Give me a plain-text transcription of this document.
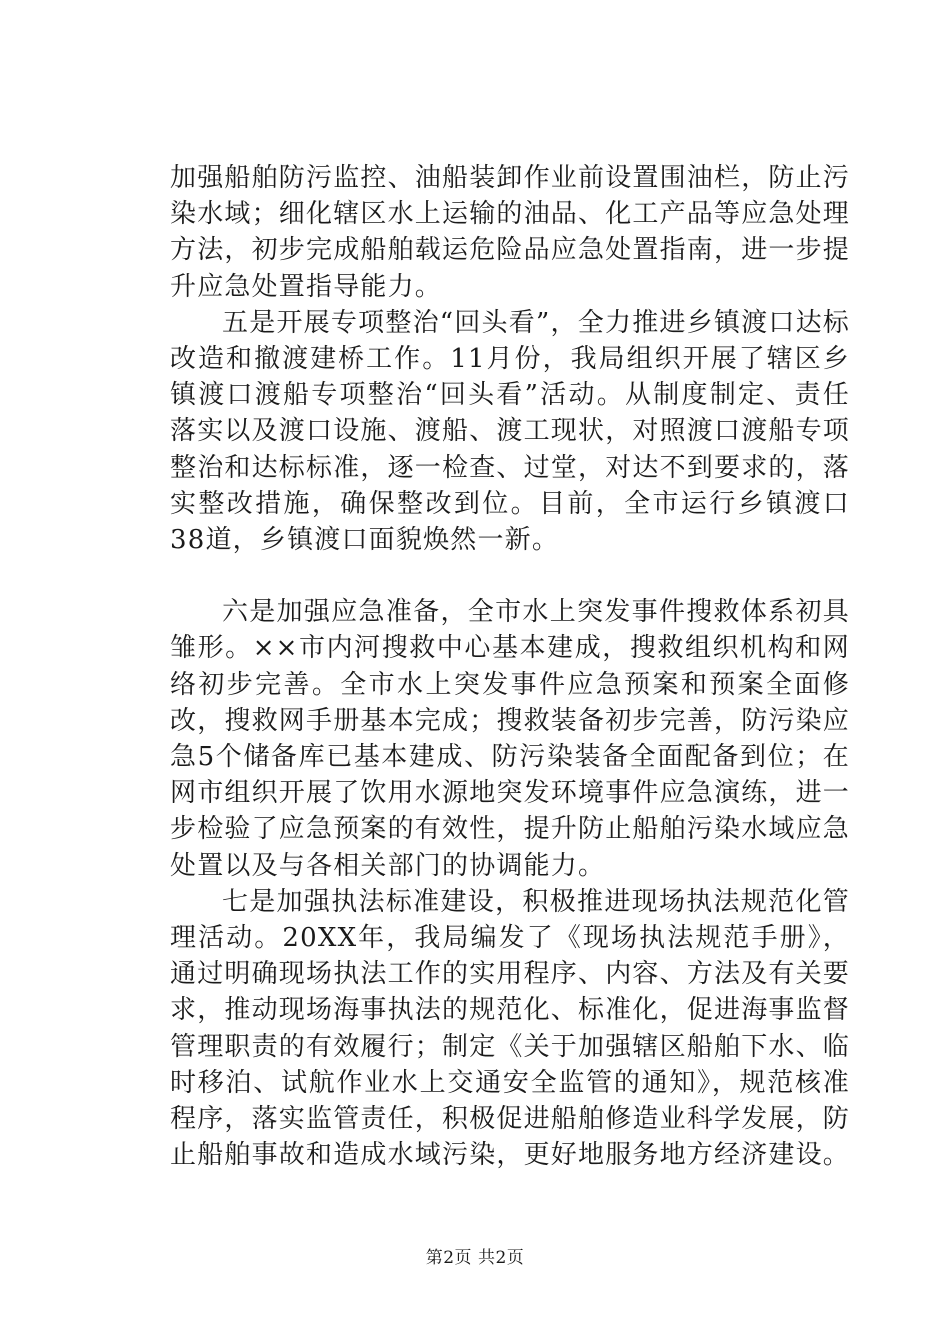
加强船舶防污监控、油船装卸作业前设置围油栏，防止污染水域；细化辖区水上运输的油品、化工产品等应急处理方法，初步完成船舶载运危险品应急处置指南，进一步提升应急处置指导能力。

五是开展专项整治“回头看”，全力推进乡镇渡口达标改造和撤渡建桥工作。11月份，我局组织开展了辖区乡镇渡口渡船专项整治“回头看”活动。从制度制定、责任落实以及渡口设施、渡船、渡工现状，对照渡口渡船专项整治和达标标准，逐一检查、过堂，对达不到要求的，落实整改措施，确保整改到位。目前，全市运行乡镇渡口38道，乡镇渡口面貌焕然一新。

六是加强应急准备，全市水上突发事件搜救体系初具雏形。××市内河搜救中心基本建成，搜救组织机构和网络初步完善。全市水上突发事件应急预案和预案全面修改，搜救网手册基本完成；搜救装备初步完善，防污染应急5个储备库已基本建成、防污染装备全面配备到位；在网市组织开展了饮用水源地突发环境事件应急演练，进一步检验了应急预案的有效性，提升防止船舶污染水域应急处置以及与各相关部门的协调能力。

七是加强执法标准建设，积极推进现场执法规范化管理活动。20XX年，我局编发了《现场执法规范手册》，通过明确现场执法工作的实用程序、内容、方法及有关要求，推动现场海事执法的规范化、标准化，促进海事监督管理职责的有效履行；制定《关于加强辖区船舶下水、临时移泊、试航作业水上交通安全监管的通知》，规范核准程序，落实监管责任，积极促进船舶修造业科学发展，防止船舶事故和造成水域污染，更好地服务地方经济建设。

第2页 共2页
